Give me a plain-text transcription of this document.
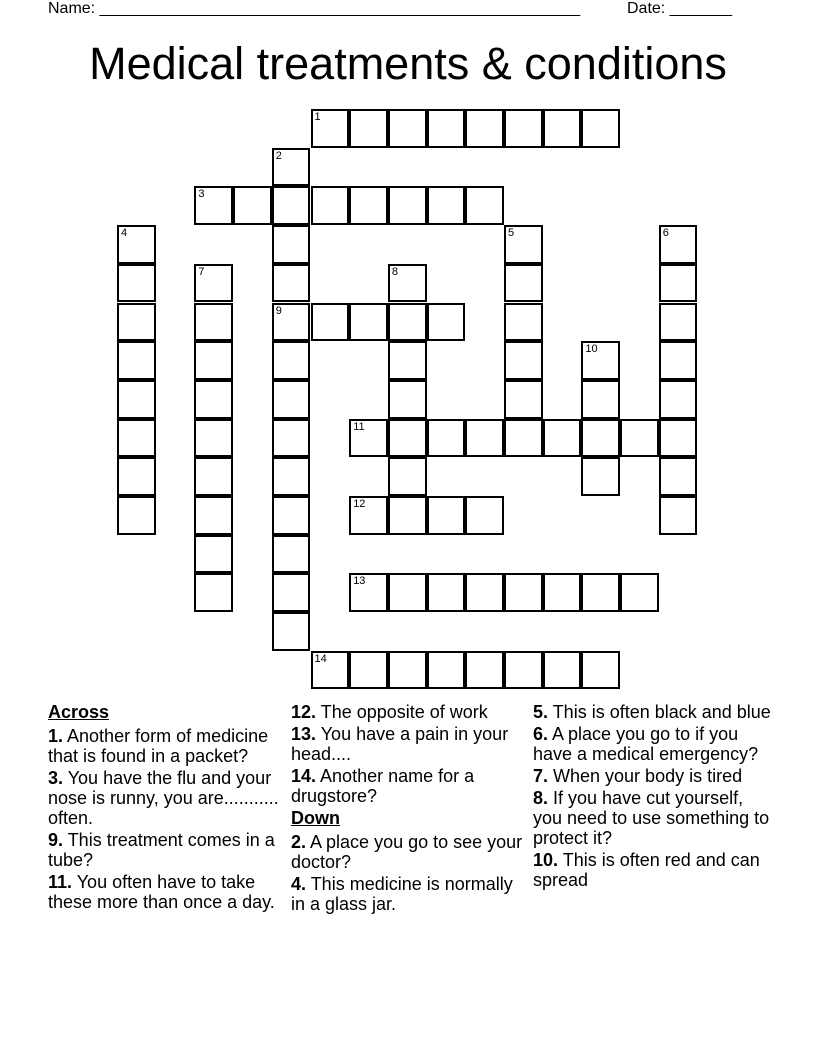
Name: ______________________________________________________	Date: _______
Medical treatments & conditions
1
2
9
3
4	5	6
7	8
10
11
12
13
14
Across
1. Another form of medicine that is found in a packet?
3. You have the flu and your nose is runny, you are........... often.
9. This treatment comes in a tube?
11. You often have to take these more than once a day.
12. The opposite of work
13. You have a pain in your head....
14. Another name for a drugstore?
Down
2. A place you go to see your doctor?
4. This medicine is normally in a glass jar.
5. This is often black and blue
6. A place you go to if you have a medical emergency?
7. When your body is tired
8. If you have cut yourself, you need to use something to protect it?
10. This is often red and can spread
